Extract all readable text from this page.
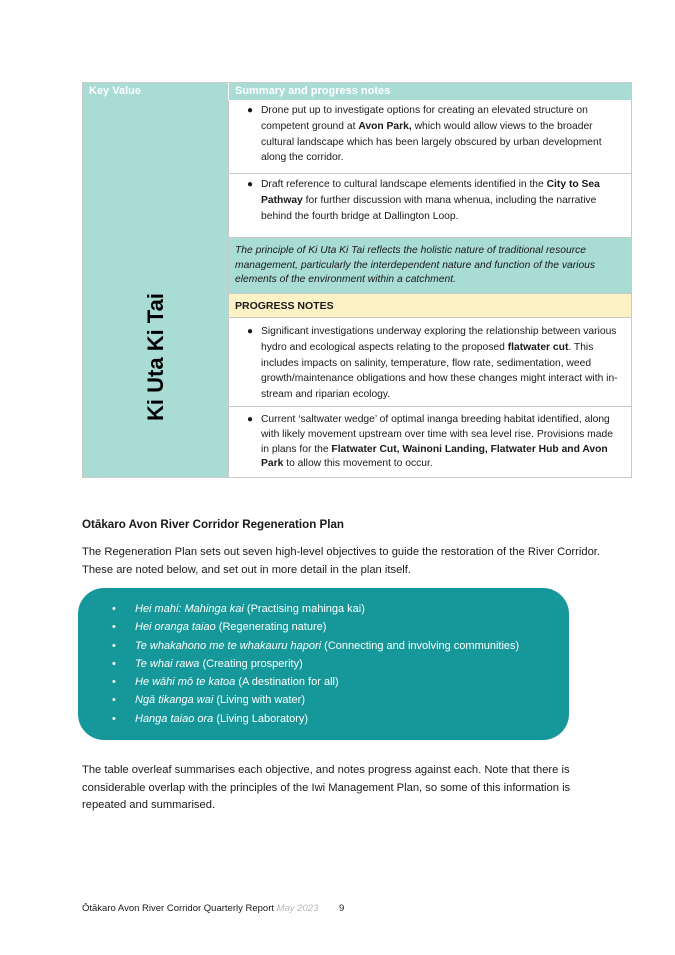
Key Value	Summary and progress notes
Ki Uta Ki Tai
● Drone put up to investigate options for creating an elevated structure on competent ground at Avon Park, which would allow views to the broader cultural landscape which has been largely obscured by urban development along the corridor.
● Draft reference to cultural landscape elements identified in the City to Sea Pathway for further discussion with mana whenua, including the narrative behind the fourth bridge at Dallington Loop.
The principle of Ki Uta Ki Tai reflects the holistic nature of traditional resource management, particularly the interdependent nature and function of the various elements of the environment within a catchment.
PROGRESS NOTES
● Significant investigations underway exploring the relationship between various hydro and ecological aspects relating to the proposed flatwater cut. This includes impacts on salinity, temperature, flow rate, sedimentation, weed growth/maintenance obligations and how these changes might interact with in-stream and riparian ecology.
● Current ‘saltwater wedge’ of optimal inanga breeding habitat identified, along with likely movement upstream over time with sea level rise. Provisions made in plans for the Flatwater Cut, Wainoni Landing, Flatwater Hub and Avon Park to allow this movement to occur.
Otākaro Avon River Corridor Regeneration Plan
The Regeneration Plan sets out seven high-level objectives to guide the restoration of the River Corridor. These are noted below, and set out in more detail in the plan itself.
•	Hei mahi: Mahinga kai (Practising mahinga kai)
•	Hei oranga taiao (Regenerating nature)
•	Te whakahono me te whakauru hapori (Connecting and involving communities)
•	Te whai rawa (Creating prosperity)
•	He wāhi mō te katoa (A destination for all)
•	Ngā tikanga wai (Living with water)
•	Hanga taiao ora (Living Laboratory)
The table overleaf summarises each objective, and notes progress against each. Note that there is considerable overlap with the principles of the Iwi Management Plan, so some of this information is repeated and summarised.
Ōtākaro Avon River Corridor Quarterly Report May 2023 9
